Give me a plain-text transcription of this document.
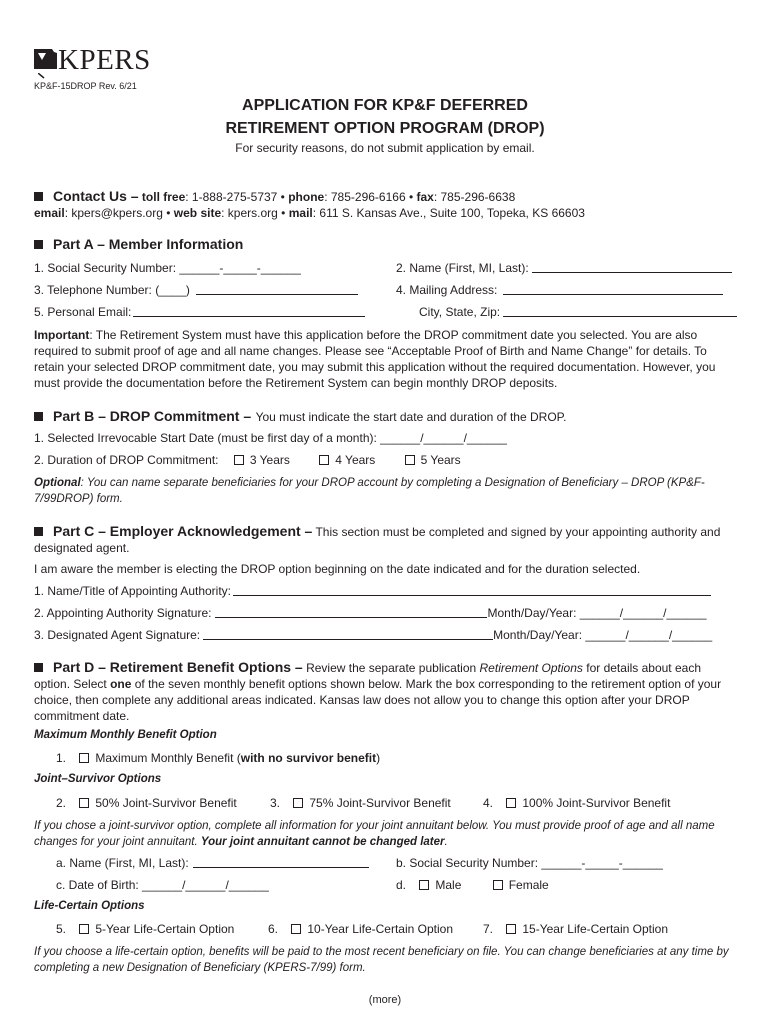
KPERS
KP&F-15DROP Rev. 6/21
APPLICATION FOR KP&F DEFERRED
RETIREMENT OPTION PROGRAM (DROP)
For security reasons, do not submit application by email.
Contact Us – toll free: 1-888-275-5737 • phone: 785-296-6166 • fax: 785-296-6638
email: kpers@kpers.org • web site: kpers.org • mail: 611 S. Kansas Ave., Suite 100, Topeka, KS 66603
Part A – Member Information
1. Social Security Number: ______-_____-______	2. Name (First, MI, Last):
3. Telephone Number: (____)	4. Mailing Address:
5. Personal Email:	City, State, Zip:
Important: The Retirement System must have this application before the DROP commitment date you selected. You are also required to submit proof of age and all name changes. Please see “Acceptable Proof of Birth and Name Change” for details. To retain your selected DROP commitment date, you may submit this application without the required documentation. However, you must provide the documentation before the Retirement System can begin monthly DROP deposits.
Part B – DROP Commitment – You must indicate the start date and duration of the DROP.
1. Selected Irrevocable Start Date (must be first day of a month): ______/______/______
2. Duration of DROP Commitment:	3 Years	4 Years	5 Years
Optional: You can name separate beneficiaries for your DROP account by completing a Designation of Beneficiary – DROP (KP&F-7/99DROP) form.
Part C – Employer Acknowledgement – This section must be completed and signed by your appointing authority and designated agent.
I am aware the member is electing the DROP option beginning on the date indicated and for the duration selected.
1. Name/Title of Appointing Authority:
2. Appointing Authority Signature:	Month/Day/Year: ______/______/______
3. Designated Agent Signature:	Month/Day/Year: ______/______/______
Part D – Retirement Benefit Options – Review the separate publication Retirement Options for details about each option. Select one of the seven monthly benefit options shown below. Mark the box corresponding to the retirement option of your choice, then complete any additional areas indicated. Kansas law does not allow you to change this option after your DROP commitment date.
Maximum Monthly Benefit Option
1. Maximum Monthly Benefit (with no survivor benefit)
Joint–Survivor Options
2. 50% Joint-Survivor Benefit	3. 75% Joint-Survivor Benefit	4. 100% Joint-Survivor Benefit
If you chose a joint-survivor option, complete all information for your joint annuitant below. You must provide proof of age and all name changes for your joint annuitant. Your joint annuitant cannot be changed later.
a. Name (First, MI, Last):	b. Social Security Number: ______-_____-______
c. Date of Birth: ______/______/______	d. Male	Female
Life-Certain Options
5. 5-Year Life-Certain Option	6. 10-Year Life-Certain Option	7. 15-Year Life-Certain Option
If you choose a life-certain option, benefits will be paid to the most recent beneficiary on file. You can change beneficiaries at any time by completing a new Designation of Beneficiary (KPERS-7/99) form.
(more)
